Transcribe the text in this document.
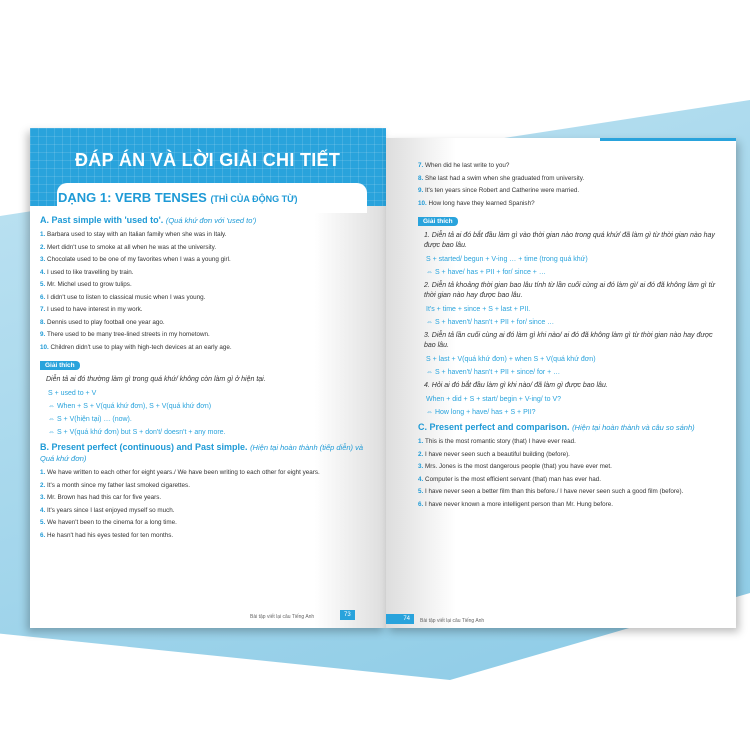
ĐÁP ÁN VÀ LỜI GIẢI CHI TIẾT
DẠNG 1: VERB TENSES (THÌ CỦA ĐỘNG TỪ)
A. Past simple with 'used to'. (Quá khứ đơn với 'used to')
1. Barbara used to stay with an Italian family when she was in Italy.
2. Mert didn't use to smoke at all when he was at the university.
3. Chocolate used to be one of my favorites when I was a young girl.
4. I used to like travelling by train.
5. Mr. Michel used to grow tulips.
6. I didn't use to listen to classical music when I was young.
7. I used to have interest in my work.
8. Dennis used to play football one year ago.
9. There used to be many tree-lined streets in my hometown.
10. Children didn't use to play with high-tech devices at an early age.
Giải thích
Diễn tả ai đó thường làm gì trong quá khứ/ không còn làm gì ở hiện tại.
S + used to + V
⇔ When + S + V(quá khứ đơn), S + V(quá khứ đơn)
⇔ S + V(hiện tại) … (now).
⇔ S + V(quá khứ đơn) but S + don't/ doesn't + any more.
B. Present perfect (continuous) and Past simple. (Hiện tại hoàn thành (tiếp diễn) và Quá khứ đơn)
1. We have written to each other for eight years./ We have been writing to each other for eight years.
2. It's a month since my father last smoked cigarettes.
3. Mr. Brown has had this car for five years.
4. It's years since I last enjoyed myself so much.
5. We haven't been to the cinema for a long time.
6. He hasn't had his eyes tested for ten months.
Bài tập viết lại câu Tiếng Anh	73
7. When did he last write to you?
8. She last had a swim when she graduated from university.
9. It's ten years since Robert and Catherine were married.
10. How long have they learned Spanish?
Giải thích
1. Diễn tả ai đó bắt đầu làm gì vào thời gian nào trong quá khứ/ đã làm gì từ thời gian nào hay được bao lâu.
S + started/ begun + V-ing … + time (trong quá khứ)
⇔ S + have/ has + PII + for/ since + …
2. Diễn tả khoảng thời gian bao lâu tính từ lần cuối cùng ai đó làm gì/ ai đó đã không làm gì từ thời gian nào hay được bao lâu.
It's + time + since + S + last + PII.
⇔ S + haven't/ hasn't + PII + for/ since …
3. Diễn tả lần cuối cùng ai đó làm gì khi nào/ ai đó đã không làm gì từ thời gian nào hay được bao lâu.
S + last + V(quá khứ đơn) + when S + V(quá khứ đơn)
⇔ S + haven't/ hasn't + PII + since/ for + …
4. Hỏi ai đó bắt đầu làm gì khi nào/ đã làm gì được bao lâu.
When + did + S + start/ begin + V-ing/ to V?
⇔ How long + have/ has + S + PII?
C. Present perfect and comparison. (Hiện tại hoàn thành và câu so sánh)
1. This is the most romantic story (that) I have ever read.
2. I have never seen such a beautiful building (before).
3. Mrs. Jones is the most dangerous people (that) you have ever met.
4. Computer is the most efficient servant (that) man has ever had.
5. I have never seen a better film than this before./ I have never seen such a good film (before).
6. I have never known a more intelligent person than Mr. Hung before.
74	Bài tập viết lại câu Tiếng Anh
